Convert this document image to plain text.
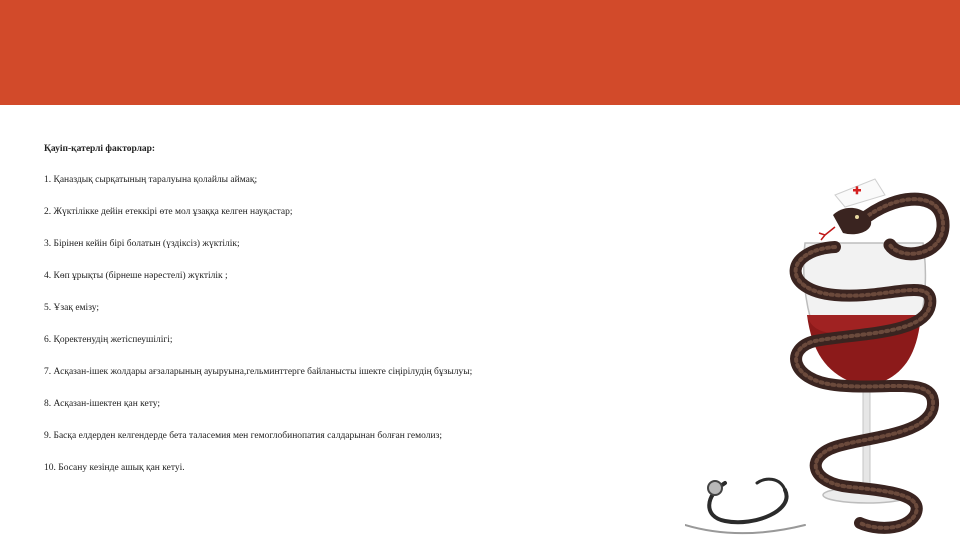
Қауіп-қатерлі факторлар:
1. Қаназдық сырқатының таралуына қолайлы аймақ;
2. Жүктілікке дейін етеккірі өте мол ұзаққа келген науқастар;
3. Бірінен кейін бірі болатын (үздіксіз) жүктілік;
4. Көп ұрықты (бірнеше нәрестелі) жүктілік ;
5. Ұзақ емізу;
6. Қоректенудің жетіспеушілігі;
7. Асқазан-ішек жолдары ағзаларының ауыруына,гельминттерге байланысты ішекте сіңірілудің бұзылуы;
8. Асқазан-ішектен қан кету;
9. Басқа елдерден келгендерде бета таласемия мен гемоглобинопатия салдарынан болған гемолиз;
10. Босану кезінде ашық қан кетуі.
